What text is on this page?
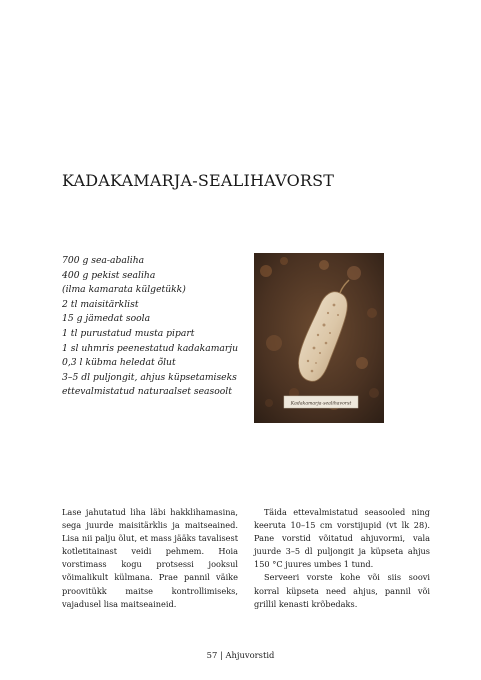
KADAKAMARJA-SEALIHAVORST
700 g sea-abaliha
400 g pekist sealiha
(ilma kamarata külgetükk)
2 tl maisitärklist
15 g jämedat soola
1 tl purustatud musta pipart
1 sl uhmris peenestatud kadakamarju
0,3 l kübma heledat õlut
3–5 dl puljongit, ahjus küpsetamiseks
ettevalmistatud naturaalset seasoolt
Kadakamarja-sealihavorst

Lase jahutatud liha läbi hakklihamasina, sega juurde maisitärklis ja maitseained. Lisa nii palju õlut, et mass jääks tavalisest kotletitainast veidi pehmem. Hoia vorstimass kogu protsessi jooksul võimalikult külmana. Prae pannil väike proovitükk maitse kontrollimiseks, vajadusel lisa maitseaineid.

Täida ettevalmistatud seasooled ning keeruta 10–15 cm vorstijupid (vt lk 28). Pane vorstid võitatud ahjuvormi, vala juurde 3–5 dl puljongit ja küpseta ahjus 150 °C juures umbes 1 tund.

Serveeri vorste kohe või siis soovi korral küpseta need ahjus, pannil või grillil kenasti krõbedaks.

57 | Ahjuvorstid
